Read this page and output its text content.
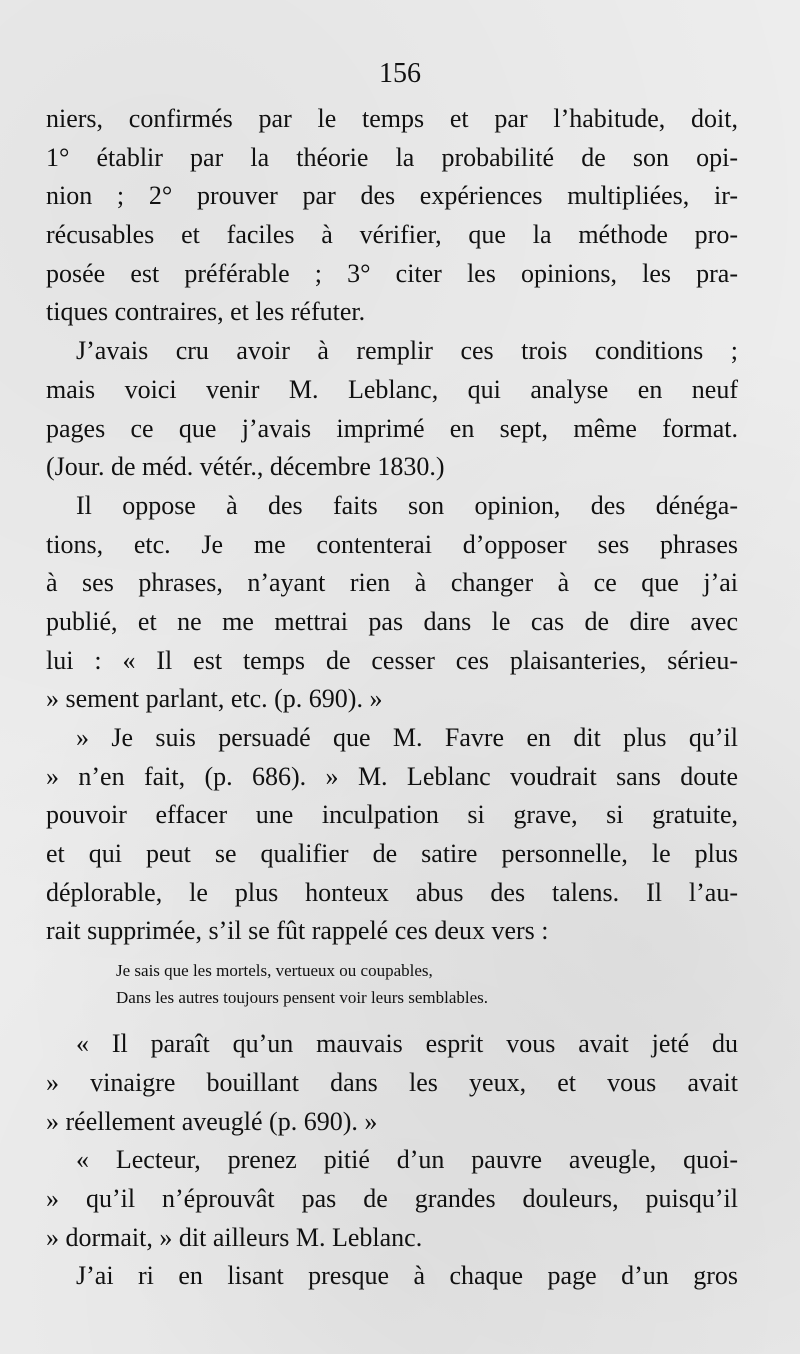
156
niers, confirmés par le temps et par l’habitude, doit,
1° établir par la théorie la probabilité de son opi-
nion ; 2° prouver par des expériences multipliées, ir-
récusables et faciles à vérifier, que la méthode pro-
posée est préférable ; 3° citer les opinions, les pra-
tiques contraires, et les réfuter.
J’avais cru avoir à remplir ces trois conditions ;
mais voici venir M. Leblanc, qui analyse en neuf
pages ce que j’avais imprimé en sept, même format.
(Jour. de méd. vétér., décembre 1830.)
Il oppose à des faits son opinion, des dénéga-
tions, etc. Je me contenterai d’opposer ses phrases
à ses phrases, n’ayant rien à changer à ce que j’ai
publié, et ne me mettrai pas dans le cas de dire avec
lui : « Il est temps de cesser ces plaisanteries, sérieu-
» sement parlant, etc. (p. 690). »
» Je suis persuadé que M. Favre en dit plus qu’il
» n’en fait, (p. 686). » M. Leblanc voudrait sans doute
pouvoir effacer une inculpation si grave, si gratuite,
et qui peut se qualifier de satire personnelle, le plus
déplorable, le plus honteux abus des talens. Il l’au-
rait supprimée, s’il se fût rappelé ces deux vers :
Je sais que les mortels, vertueux ou coupables,
Dans les autres toujours pensent voir leurs semblables.
« Il paraît qu’un mauvais esprit vous avait jeté du
» vinaigre bouillant dans les yeux, et vous avait
» réellement aveuglé (p. 690). »
« Lecteur, prenez pitié d’un pauvre aveugle, quoi-
» qu’il n’éprouvât pas de grandes douleurs, puisqu’il
» dormait, » dit ailleurs M. Leblanc.
J’ai ri en lisant presque à chaque page d’un gros
